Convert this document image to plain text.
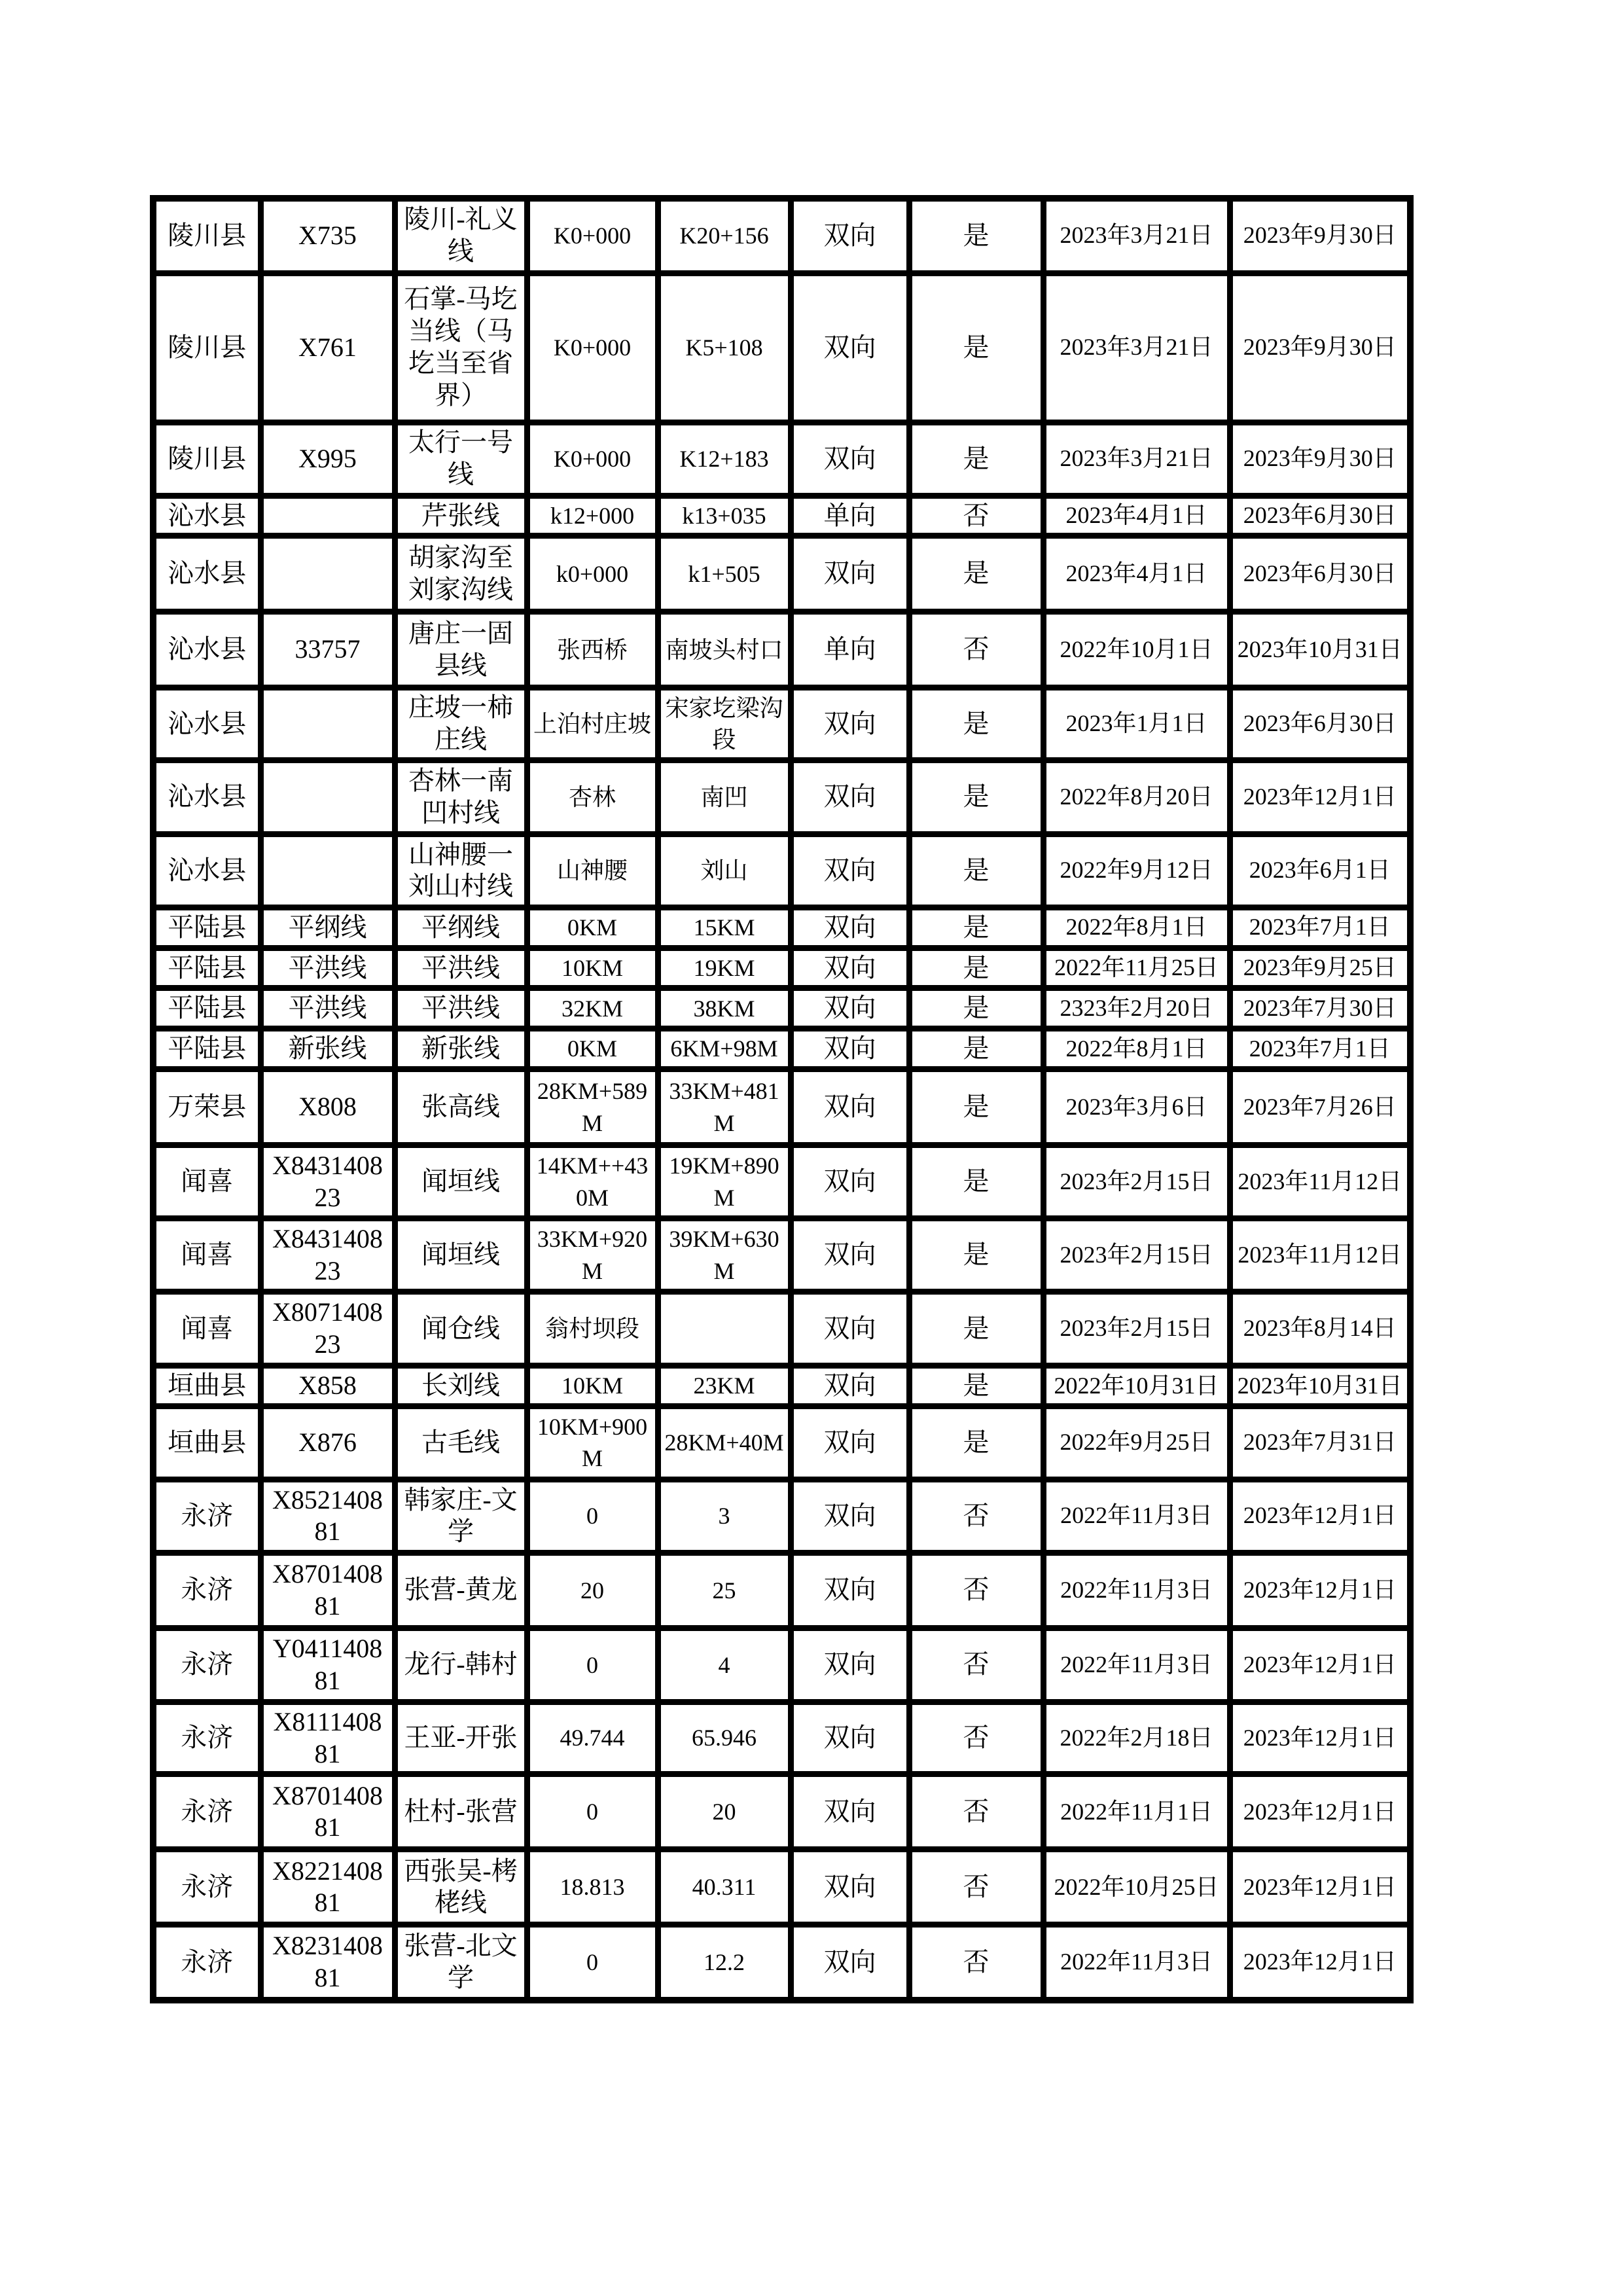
陵川县	X735	陵川-礼义线	K0+000	K20+156	双向	是	2023年3月21日	2023年9月30日
陵川县	X761	石掌-马圪当线（马圪当至省界）	K0+000	K5+108	双向	是	2023年3月21日	2023年9月30日
陵川县	X995	太行一号线	K0+000	K12+183	双向	是	2023年3月21日	2023年9月30日
沁水县		芹张线	k12+000	k13+035	单向	否	2023年4月1日	2023年6月30日
沁水县		胡家沟至刘家沟线	k0+000	k1+505	双向	是	2023年4月1日	2023年6月30日
沁水县	33757	唐庄一固县线	张西桥	南坡头村口	单向	否	2022年10月1日	2023年10月31日
沁水县		庄坡一柿庄线	上泊村庄坡	宋家圪梁沟段	双向	是	2023年1月1日	2023年6月30日
沁水县		杏林一南凹村线	杏林	南凹	双向	是	2022年8月20日	2023年12月1日
沁水县		山神腰一刘山村线	山神腰	刘山	双向	是	2022年9月12日	2023年6月1日
平陆县	平纲线	平纲线	0KM	15KM	双向	是	2022年8月1日	2023年7月1日
平陆县	平洪线	平洪线	10KM	19KM	双向	是	2022年11月25日	2023年9月25日
平陆县	平洪线	平洪线	32KM	38KM	双向	是	2323年2月20日	2023年7月30日
平陆县	新张线	新张线	0KM	6KM+98M	双向	是	2022年8月1日	2023年7月1日
万荣县	X808	张高线	28KM+589M	33KM+481M	双向	是	2023年3月6日	2023年7月26日
闻喜	X843140823	闻垣线	14KM++430M	19KM+890M	双向	是	2023年2月15日	2023年11月12日
闻喜	X843140823	闻垣线	33KM+920M	39KM+630M	双向	是	2023年2月15日	2023年11月12日
闻喜	X807140823	闻仓线	翁村坝段		双向	是	2023年2月15日	2023年8月14日
垣曲县	X858	长刘线	10KM	23KM	双向	是	2022年10月31日	2023年10月31日
垣曲县	X876	古毛线	10KM+900M	28KM+40M	双向	是	2022年9月25日	2023年7月31日
永济	X852140881	韩家庄-文学	0	3	双向	否	2022年11月3日	2023年12月1日
永济	X870140881	张营-黄龙	20	25	双向	否	2022年11月3日	2023年12月1日
永济	Y041140881	龙行-韩村	0	4	双向	否	2022年11月3日	2023年12月1日
永济	X811140881	王亚-开张	49.744	65.946	双向	否	2022年2月18日	2023年12月1日
永济	X870140881	杜村-张营	0	20	双向	否	2022年11月1日	2023年12月1日
永济	X822140881	西张吴-栲栳线	18.813	40.311	双向	否	2022年10月25日	2023年12月1日
永济	X823140881	张营-北文学	0	12.2	双向	否	2022年11月3日	2023年12月1日
